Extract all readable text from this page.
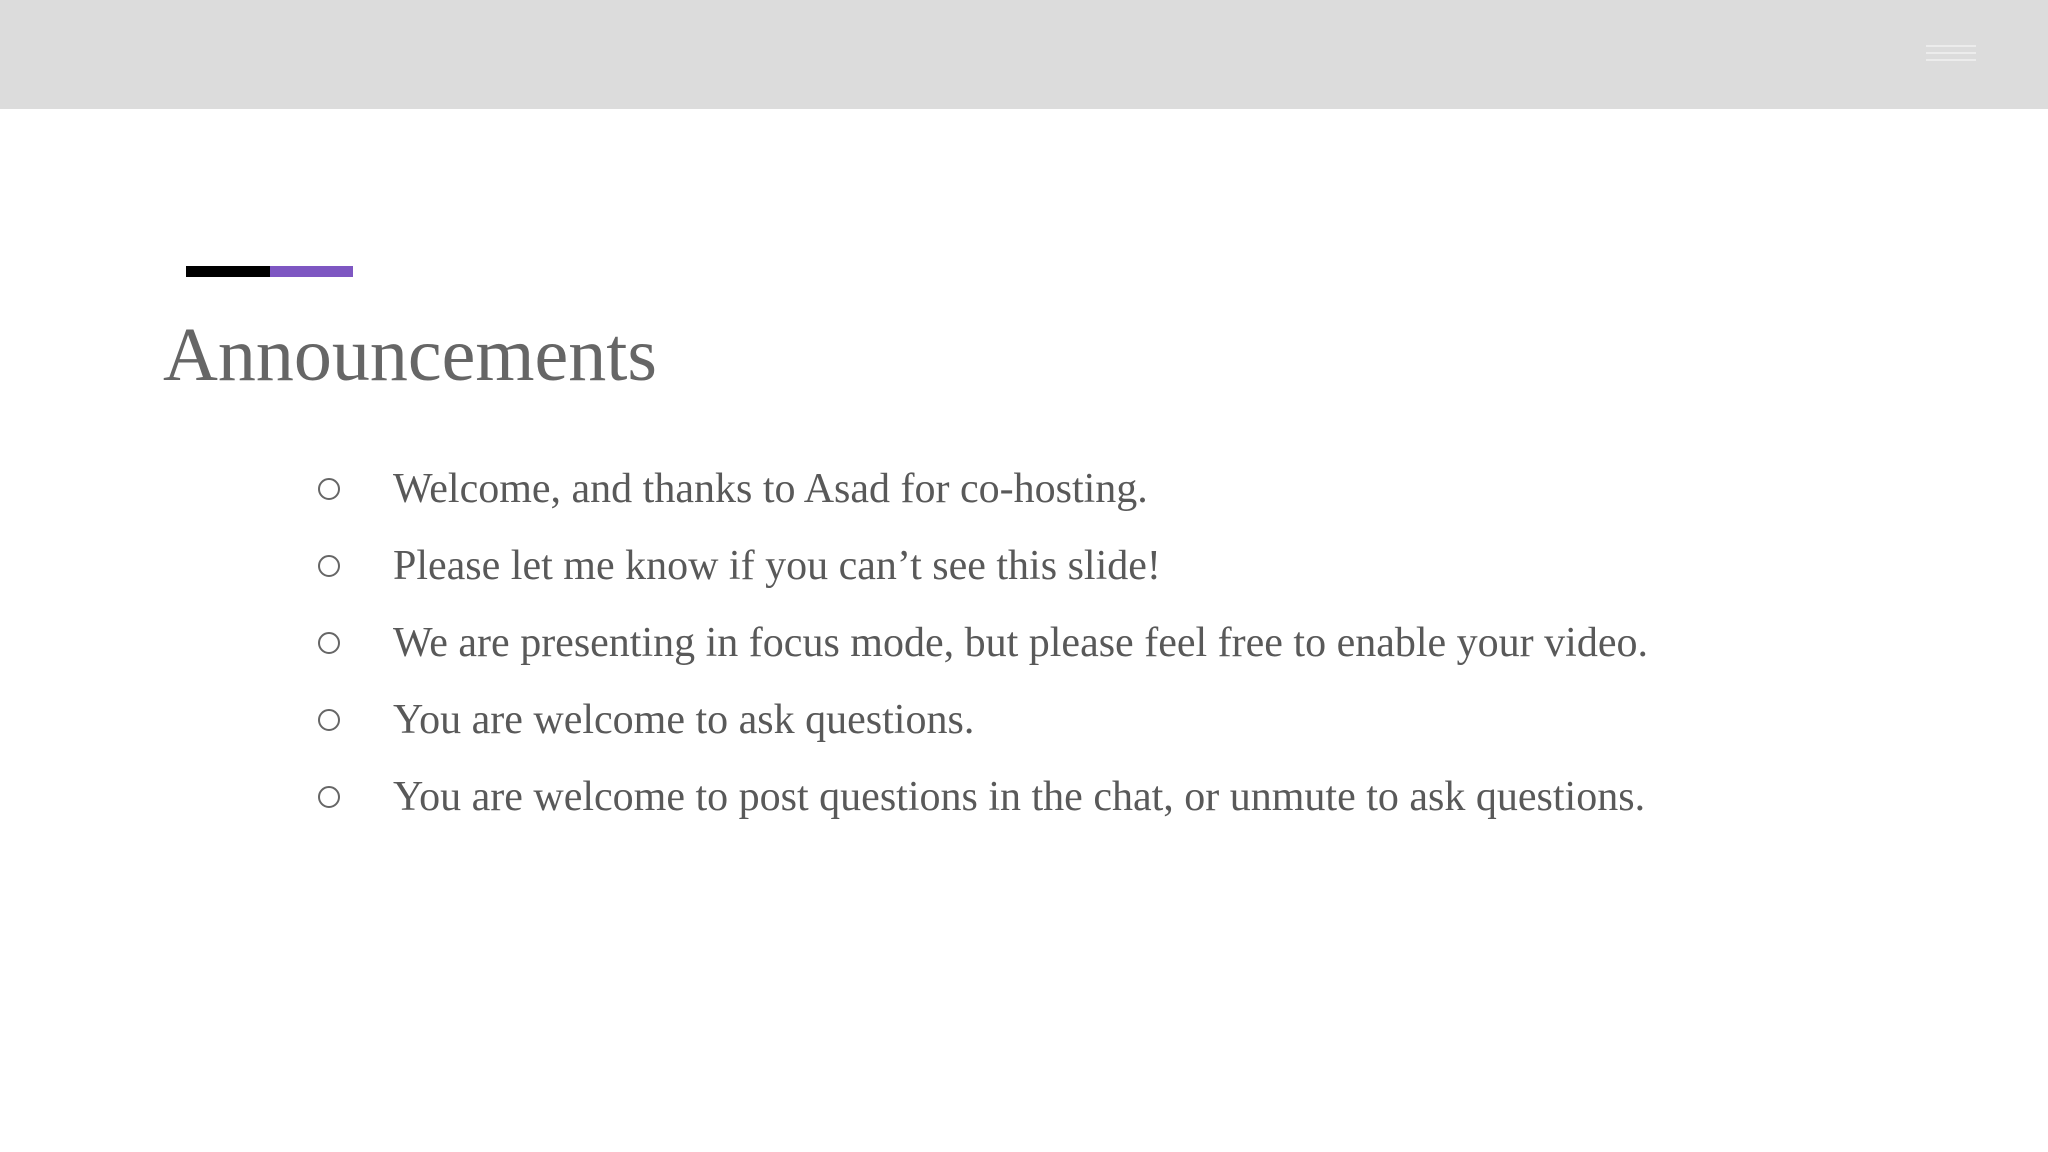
Announcements
Welcome, and thanks to Asad for co-hosting.
Please let me know if you can’t see this slide!
We are presenting in focus mode, but please feel free to enable your video.
You are welcome to ask questions.
You are welcome to post questions in the chat, or unmute to ask questions.
